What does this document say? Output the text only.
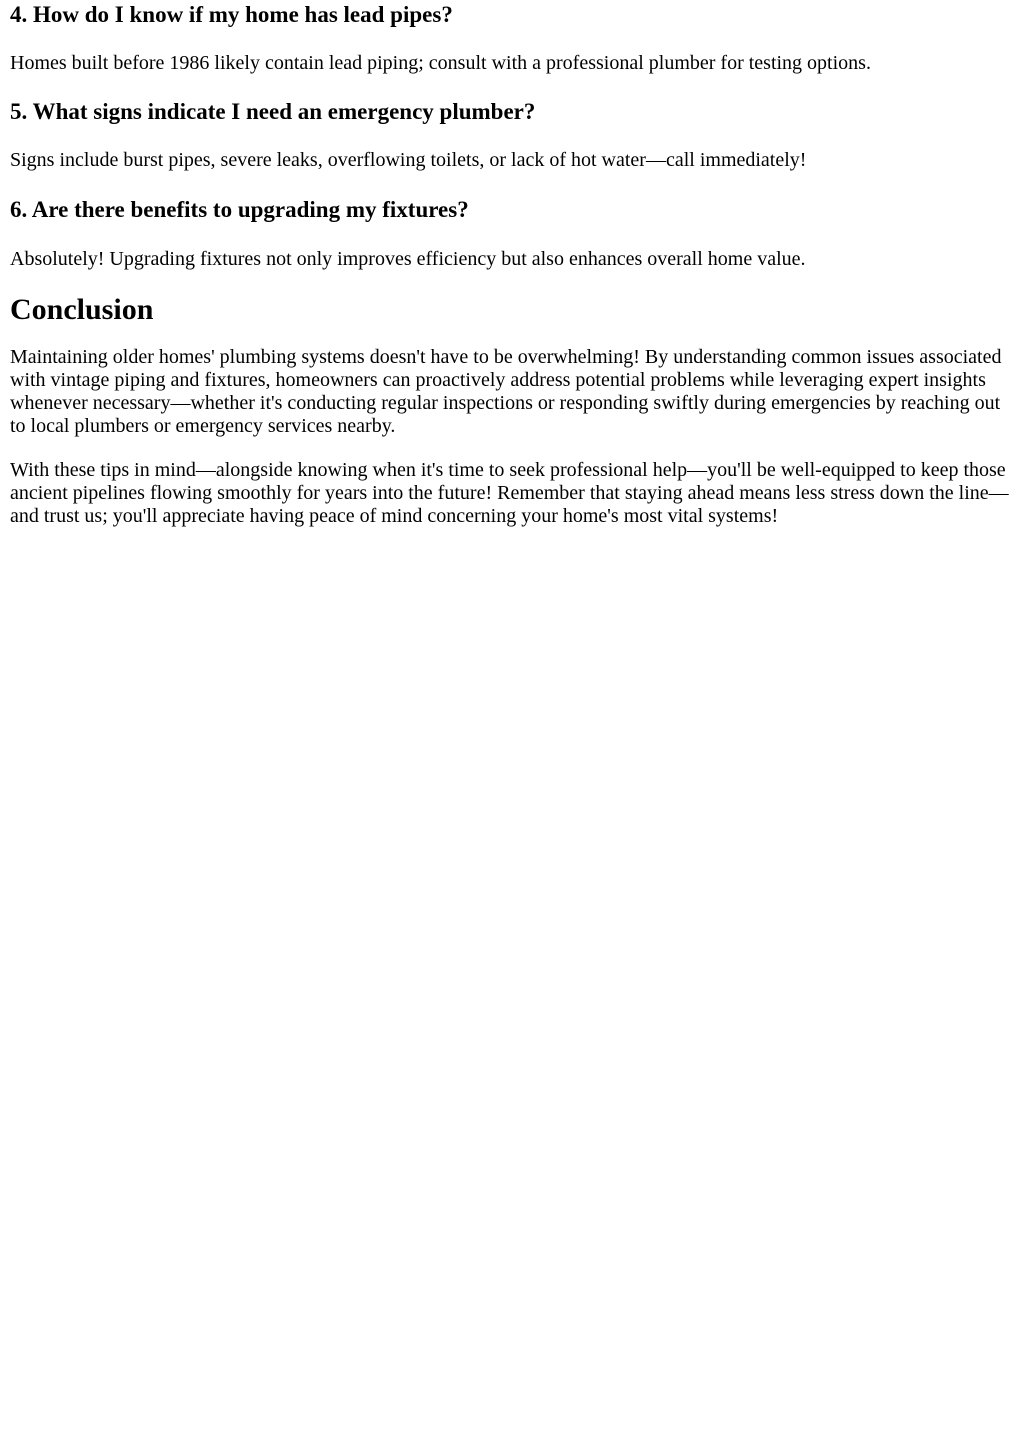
4. How do I know if my home has lead pipes?

Homes built before 1986 likely contain lead piping; consult with a professional plumber for testing options.

5. What signs indicate I need an emergency plumber?

Signs include burst pipes, severe leaks, overflowing toilets, or lack of hot water—call immediately!

6. Are there benefits to upgrading my fixtures?

Absolutely! Upgrading fixtures not only improves efficiency but also enhances overall home value.

Conclusion

Maintaining older homes' plumbing systems doesn't have to be overwhelming! By understanding common issues associated with vintage piping and fixtures, homeowners can proactively address potential problems while leveraging expert insights whenever necessary—whether it's conducting regular inspections or responding swiftly during emergencies by reaching out to local plumbers or emergency services nearby.

With these tips in mind—alongside knowing when it's time to seek professional help—you'll be well-equipped to keep those ancient pipelines flowing smoothly for years into the future! Remember that staying ahead means less stress down the line—and trust us; you'll appreciate having peace of mind concerning your home's most vital systems!
